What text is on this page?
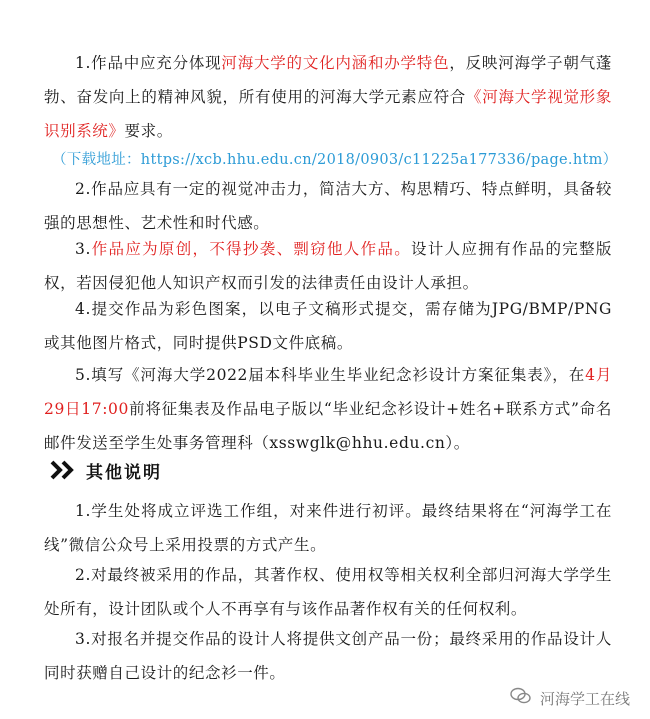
1.作品中应充分体现河海大学的文化内涵和办学特色，反映河海学子朝气蓬勃、奋发向上的精神风貌，所有使用的河海大学元素应符合《河海大学视觉形象识别系统》要求。

（下载地址：https://xcb.hhu.edu.cn/2018/0903/c11225a177336/page.htm）

2.作品应具有一定的视觉冲击力，简洁大方、构思精巧、特点鲜明，具备较强的思想性、艺术性和时代感。

3.作品应为原创，不得抄袭、剽窃他人作品。设计人应拥有作品的完整版权，若因侵犯他人知识产权而引发的法律责任由设计人承担。

4.提交作品为彩色图案，以电子文稿形式提交，需存储为JPG/BMP/PNG或其他图片格式，同时提供PSD文件底稿。

5.填写《河海大学2022届本科毕业生毕业纪念衫设计方案征集表》，在4月29日17:00前将征集表及作品电子版以“毕业纪念衫设计+姓名+联系方式”命名邮件发送至学生处事务管理科（xsswglk@hhu.edu.cn）。

其他说明

1.学生处将成立评选工作组，对来件进行初评。最终结果将在“河海学工在线”微信公众号上采用投票的方式产生。

2.对最终被采用的作品，其著作权、使用权等相关权利全部归河海大学学生处所有，设计团队或个人不再享有与该作品著作权有关的任何权利。

3.对报名并提交作品的设计人将提供文创产品一份；最终采用的作品设计人同时获赠自己设计的纪念衫一件。

河海学工在线
